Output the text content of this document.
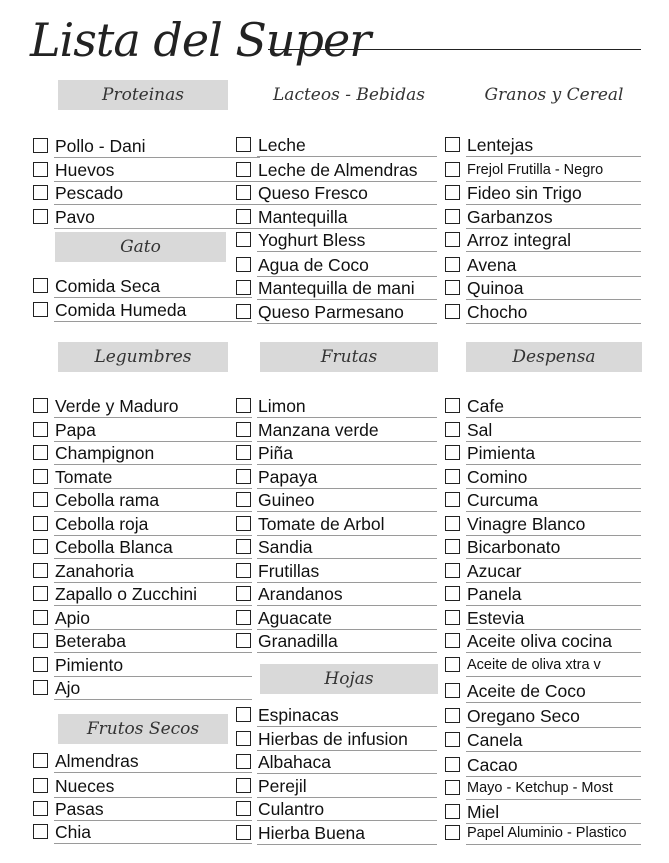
Lista del Super
Proteinas
Pollo - Dani
Huevos
Pescado
Pavo
Gato
Comida Seca
Comida Humeda
Legumbres
Verde y Maduro
Papa
Champignon
Tomate
Cebolla rama
Cebolla roja
Cebolla Blanca
Zanahoria
Zapallo o Zucchini
Apio
Beteraba
Pimiento
Ajo
Frutos Secos
Almendras
Nueces
Pasas
Chia
Lacteos - Bebidas
Leche
Leche de Almendras
Queso Fresco
Mantequilla
Yoghurt Bless
Agua de Coco
Mantequilla de mani
Queso Parmesano
Frutas
Limon
Manzana verde
Piña
Papaya
Guineo
Tomate de Arbol
Sandia
Frutillas
Arandanos
Aguacate
Granadilla
Hojas
Espinacas
Hierbas de infusion
Albahaca
Perejil
Culantro
Hierba Buena
Granos y Cereal
Lentejas
Frejol Frutilla - Negro
Fideo sin Trigo
Garbanzos
Arroz integral
Avena
Quinoa
Chocho
Despensa
Cafe
Sal
Pimienta
Comino
Curcuma
Vinagre Blanco
Bicarbonato
Azucar
Panela
Estevia
Aceite oliva cocina
Aceite de oliva xtra v
Aceite de Coco
Oregano Seco
Canela
Cacao
Mayo - Ketchup - Most
Miel
Papel Aluminio - Plastico
